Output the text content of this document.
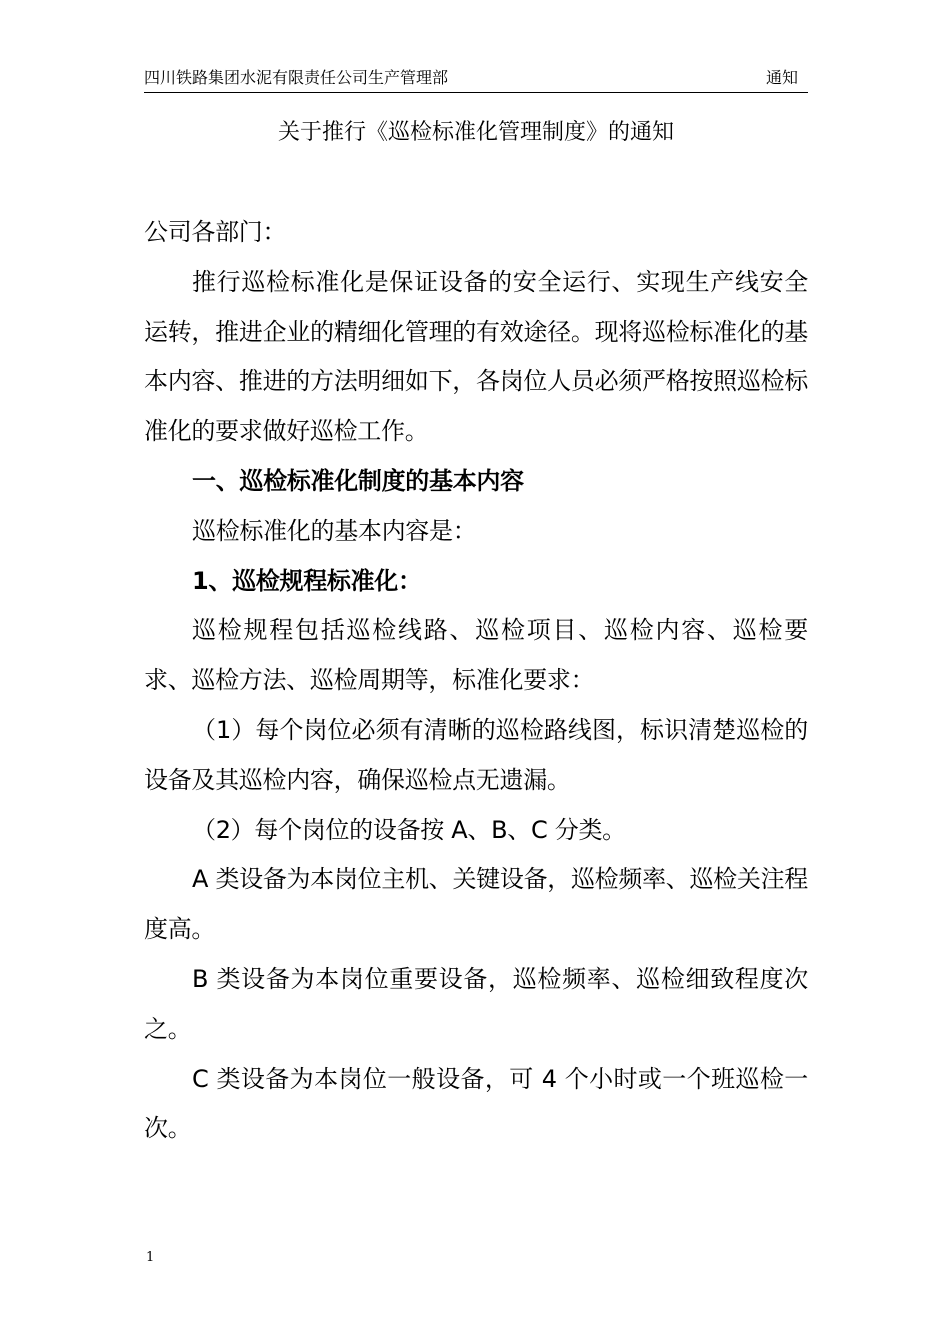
四川铁路集团水泥有限责任公司生产管理部	通知
关于推行《巡检标准化管理制度》的通知

公司各部门：

推行巡检标准化是保证设备的安全运行、实现生产线安全运转，推进企业的精细化管理的有效途径。现将巡检标准化的基本内容、推进的方法明细如下，各岗位人员必须严格按照巡检标准化的要求做好巡检工作。

一、巡检标准化制度的基本内容

巡检标准化的基本内容是：

1、巡检规程标准化：

巡检规程包括巡检线路、巡检项目、巡检内容、巡检要求、巡检方法、巡检周期等，标准化要求：

（1）每个岗位必须有清晰的巡检路线图，标识清楚巡检的设备及其巡检内容，确保巡检点无遗漏。

（2）每个岗位的设备按 A、B、C 分类。

A 类设备为本岗位主机、关键设备，巡检频率、巡检关注程度高。

B 类设备为本岗位重要设备，巡检频率、巡检细致程度次之。

C 类设备为本岗位一般设备，可 4 个小时或一个班巡检一次。

1
